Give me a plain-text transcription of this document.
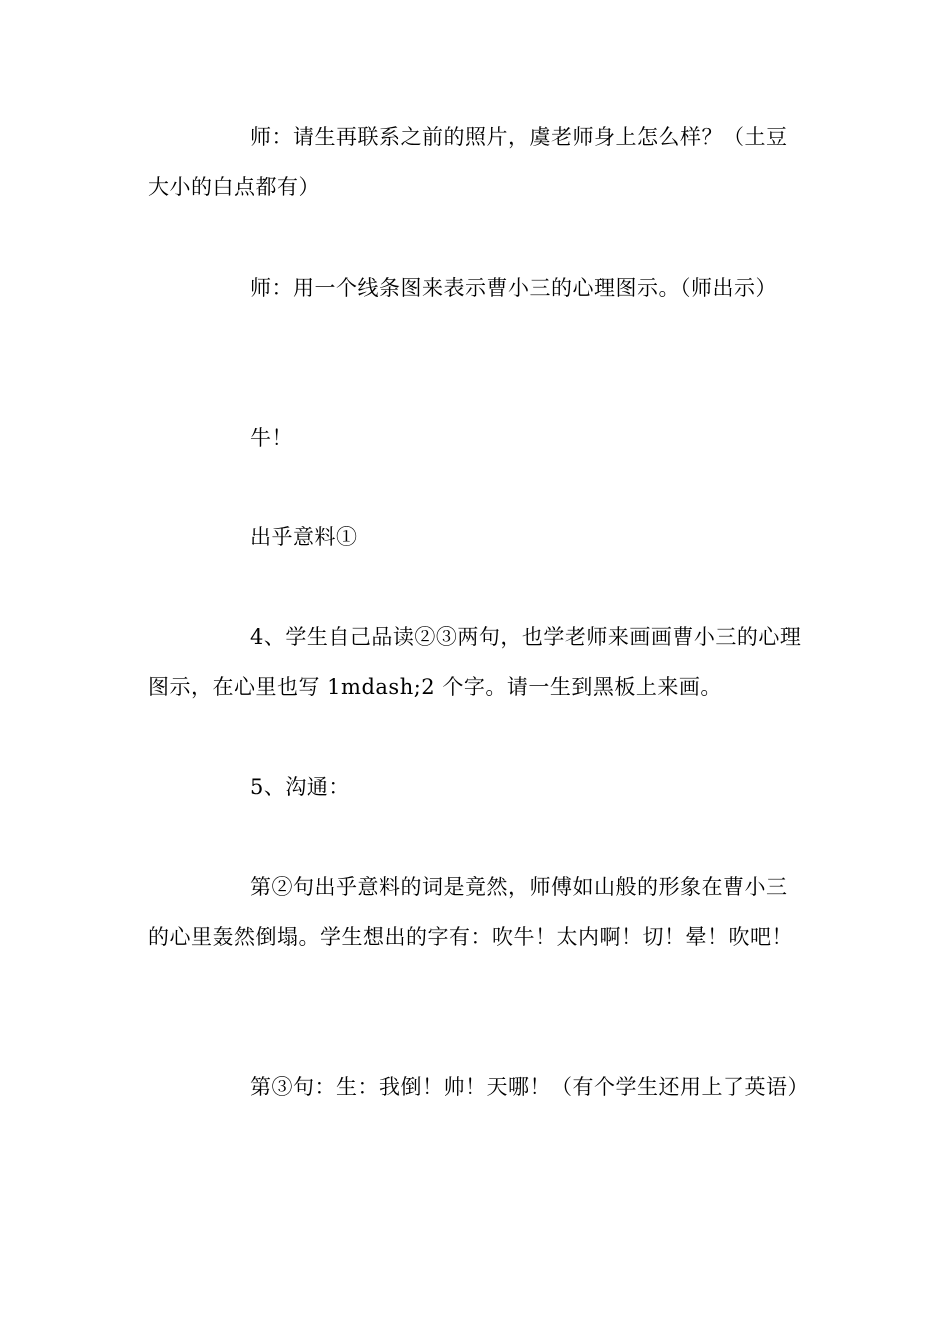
师：请生再联系之前的照片，虞老师身上怎么样？（土豆大小的白点都有）

师：用一个线条图来表示曹小三的心理图示。（师出示）

牛！

出乎意料①

4、学生自己品读②③两句，也学老师来画画曹小三的心理图示，在心里也写 1mdash;2 个字。请一生到黑板上来画。

5、沟通：

第②句出乎意料的词是竟然，师傅如山般的形象在曹小三的心里轰然倒塌。学生想出的字有：吹牛！太内啊！切！晕！吹吧！

第③句：生：我倒！帅！天哪！（有个学生还用上了英语）
